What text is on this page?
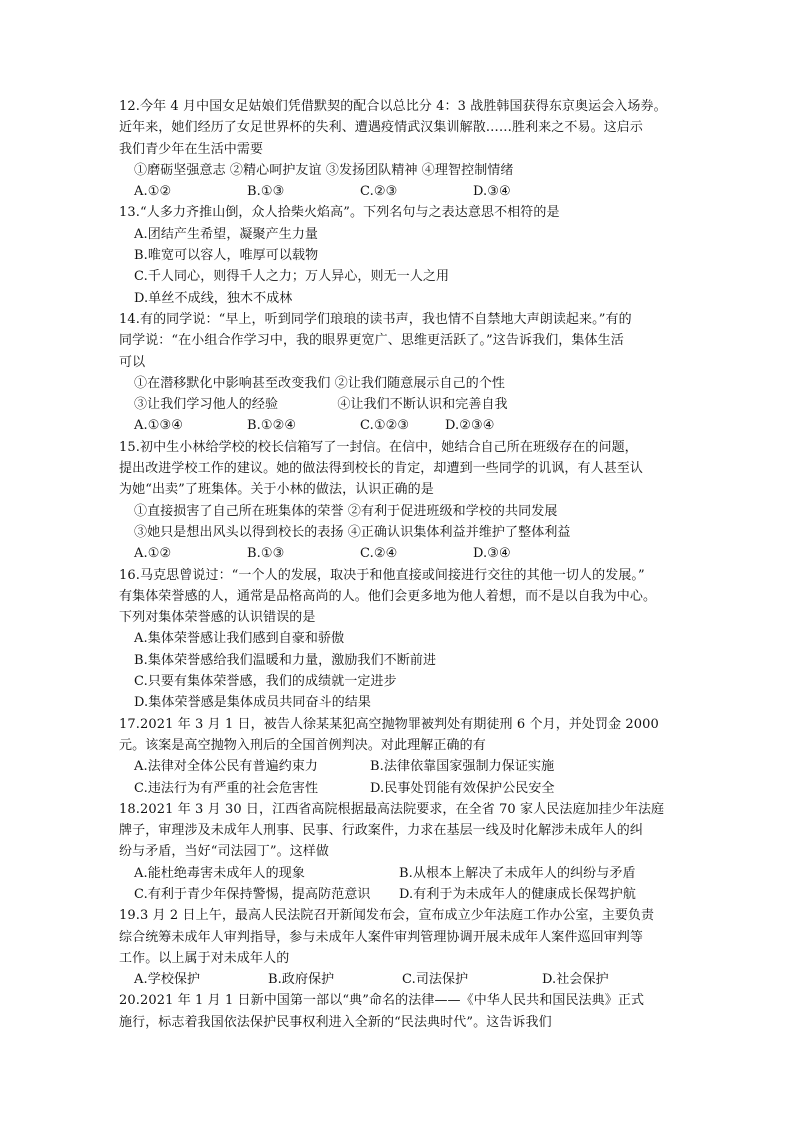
12.今年 4 月中国女足姑娘们凭借默契的配合以总比分 4：3 战胜韩国获得东京奥运会入场券。
近年来，她们经历了女足世界杯的失利、遭遇疫情武汉集训解散……胜利来之不易。这启示
我们青少年在生活中需要
①磨砺坚强意志 ②精心呵护友谊 ③发扬团队精神 ④理智控制情绪
A.①②	B.①③	C.②③	D.③④
13.“人多力齐推山倒，众人拾柴火焰高”。下列名句与之表达意思不相符的是
A.团结产生希望，凝聚产生力量
B.唯宽可以容人，唯厚可以载物
C.千人同心，则得千人之力；万人异心，则无一人之用
D.单丝不成线，独木不成林
14.有的同学说：“早上，听到同学们琅琅的读书声，我也情不自禁地大声朗读起来。”有的
同学说：“在小组合作学习中，我的眼界更宽广、思维更活跃了。”这告诉我们，集体生活
可以
①在潜移默化中影响甚至改变我们 ②让我们随意展示自己的个性
③让我们学习他人的经验              ④让我们不断认识和完善自我
A.①③④	B.①②④	C.①②③	D.②③④
15.初中生小林给学校的校长信箱写了一封信。在信中，她结合自己所在班级存在的问题，
提出改进学校工作的建议。她的做法得到校长的肯定，却遭到一些同学的讥讽，有人甚至认
为她“出卖”了班集体。关于小林的做法，认识正确的是
①直接损害了自己所在班集体的荣誉 ②有利于促进班级和学校的共同发展
③她只是想出风头以得到校长的表扬 ④正确认识集体利益并维护了整体利益
A.①②	B.①③	C.②④	D.③④
16.马克思曾说过：“一个人的发展，取决于和他直接或间接进行交往的其他一切人的发展。”
有集体荣誉感的人，通常是品格高尚的人。他们会更多地为他人着想，而不是以自我为中心。
下列对集体荣誉感的认识错误的是
A.集体荣誉感让我们感到自豪和骄傲
B.集体荣誉感给我们温暖和力量，激励我们不断前进
C.只要有集体荣誉感，我们的成绩就一定进步
D.集体荣誉感是集体成员共同奋斗的结果
17.2021 年 3 月 1 日，被告人徐某某犯高空抛物罪被判处有期徒刑 6 个月，并处罚金 2000
元。该案是高空抛物入刑后的全国首例判决。对此理解正确的有
A.法律对全体公民有普遍约束力	B.法律依靠国家强制力保证实施
C.违法行为有严重的社会危害性	D.民事处罚能有效保护公民安全
18.2021 年 3 月 30 日，江西省高院根据最高法院要求，在全省 70 家人民法庭加挂少年法庭
牌子，审理涉及未成年人刑事、民事、行政案件，力求在基层一线及时化解涉未成年人的纠
纷与矛盾，当好“司法园丁”。这样做
A.能杜绝毒害未成年人的现象	B.从根本上解决了未成年人的纠纷与矛盾
C.有利于青少年保持警惕，提高防范意识	D.有利于为未成年人的健康成长保驾护航
19.3 月 2 日上午，最高人民法院召开新闻发布会，宣布成立少年法庭工作办公室，主要负责
综合统筹未成年人审判指导，参与未成年人案件审判管理协调开展未成年人案件巡回审判等
工作。以上属于对未成年人的
A.学校保护	B.政府保护	C.司法保护	D.社会保护
20.2021 年 1 月 1 日新中国第一部以“典”命名的法律——《中华人民共和国民法典》正式
施行，标志着我国依法保护民事权利进入全新的“民法典时代”。这告诉我们
